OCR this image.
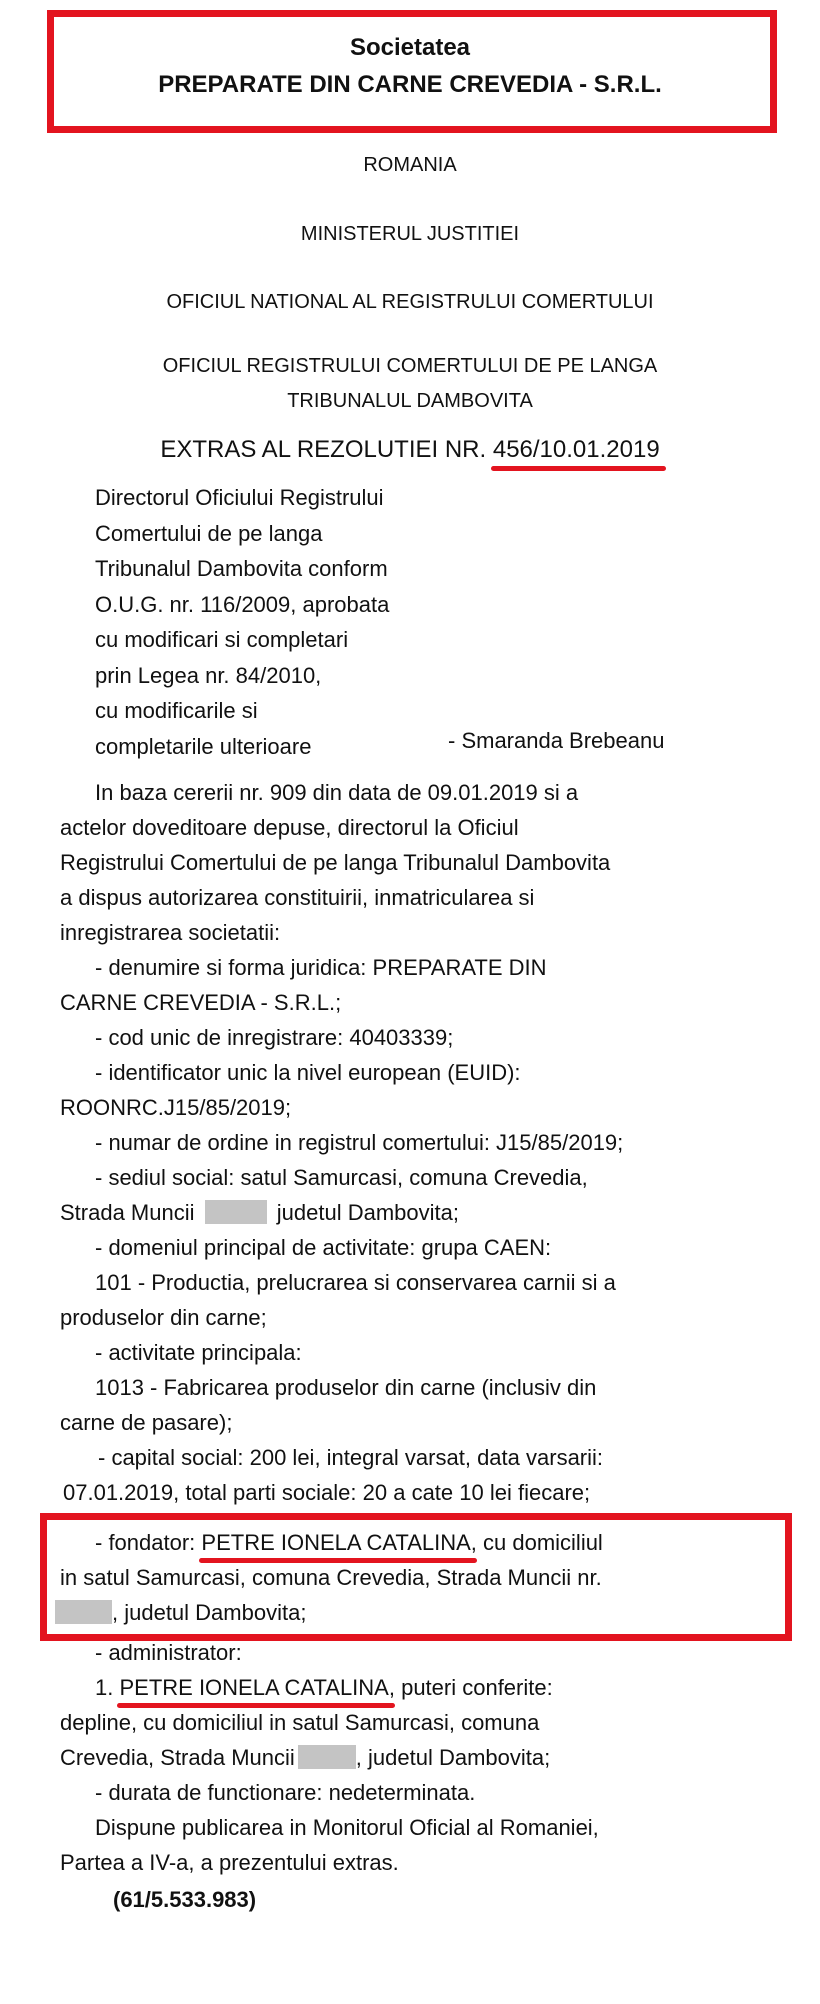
Societatea
PREPARATE DIN CARNE CREVEDIA - S.R.L.
ROMANIA
MINISTERUL JUSTITIEI
OFICIUL NATIONAL AL REGISTRULUI COMERTULUI
OFICIUL REGISTRULUI COMERTULUI DE PE LANGA
TRIBUNALUL DAMBOVITA
EXTRAS AL REZOLUTIEI NR. 456/10.01.2019
Directorul Oficiului Registrului
Comertului de pe langa
Tribunalul Dambovita conform
O.U.G. nr. 116/2009, aprobata
cu modificari si completari
prin Legea nr. 84/2010,
cu modificarile si
completarile ulterioare	- Smaranda Brebeanu
In baza cererii nr. 909 din data de 09.01.2019 si a
actelor doveditoare depuse, directorul la Oficiul
Registrului Comertului de pe langa Tribunalul Dambovita
a dispus autorizarea constituirii, inmatricularea si
inregistrarea societatii:
- denumire si forma juridica: PREPARATE DIN
CARNE CREVEDIA - S.R.L.;
- cod unic de inregistrare: 40403339;
- identificator unic la nivel european (EUID):
ROONRC.J15/85/2019;
- numar de ordine in registrul comertului: J15/85/2019;
- sediul social: satul Samurcasi, comuna Crevedia,
Strada Muncii	judetul Dambovita;
- domeniul principal de activitate: grupa CAEN:
101 - Productia, prelucrarea si conservarea carnii si a
produselor din carne;
- activitate principala:
1013 - Fabricarea produselor din carne (inclusiv din
carne de pasare);
- capital social: 200 lei, integral varsat, data varsarii:
07.01.2019, total parti sociale: 20 a cate 10 lei fiecare;
- fondator: PETRE IONELA CATALINA, cu domiciliul
in satul Samurcasi, comuna Crevedia, Strada Muncii nr.
, judetul Dambovita;
- administrator:
1. PETRE IONELA CATALINA, puteri conferite:
depline, cu domiciliul in satul Samurcasi, comuna
Crevedia, Strada Muncii	, judetul Dambovita;
- durata de functionare: nedeterminata.
Dispune publicarea in Monitorul Oficial al Romaniei,
Partea a IV-a, a prezentului extras.
(61/5.533.983)
